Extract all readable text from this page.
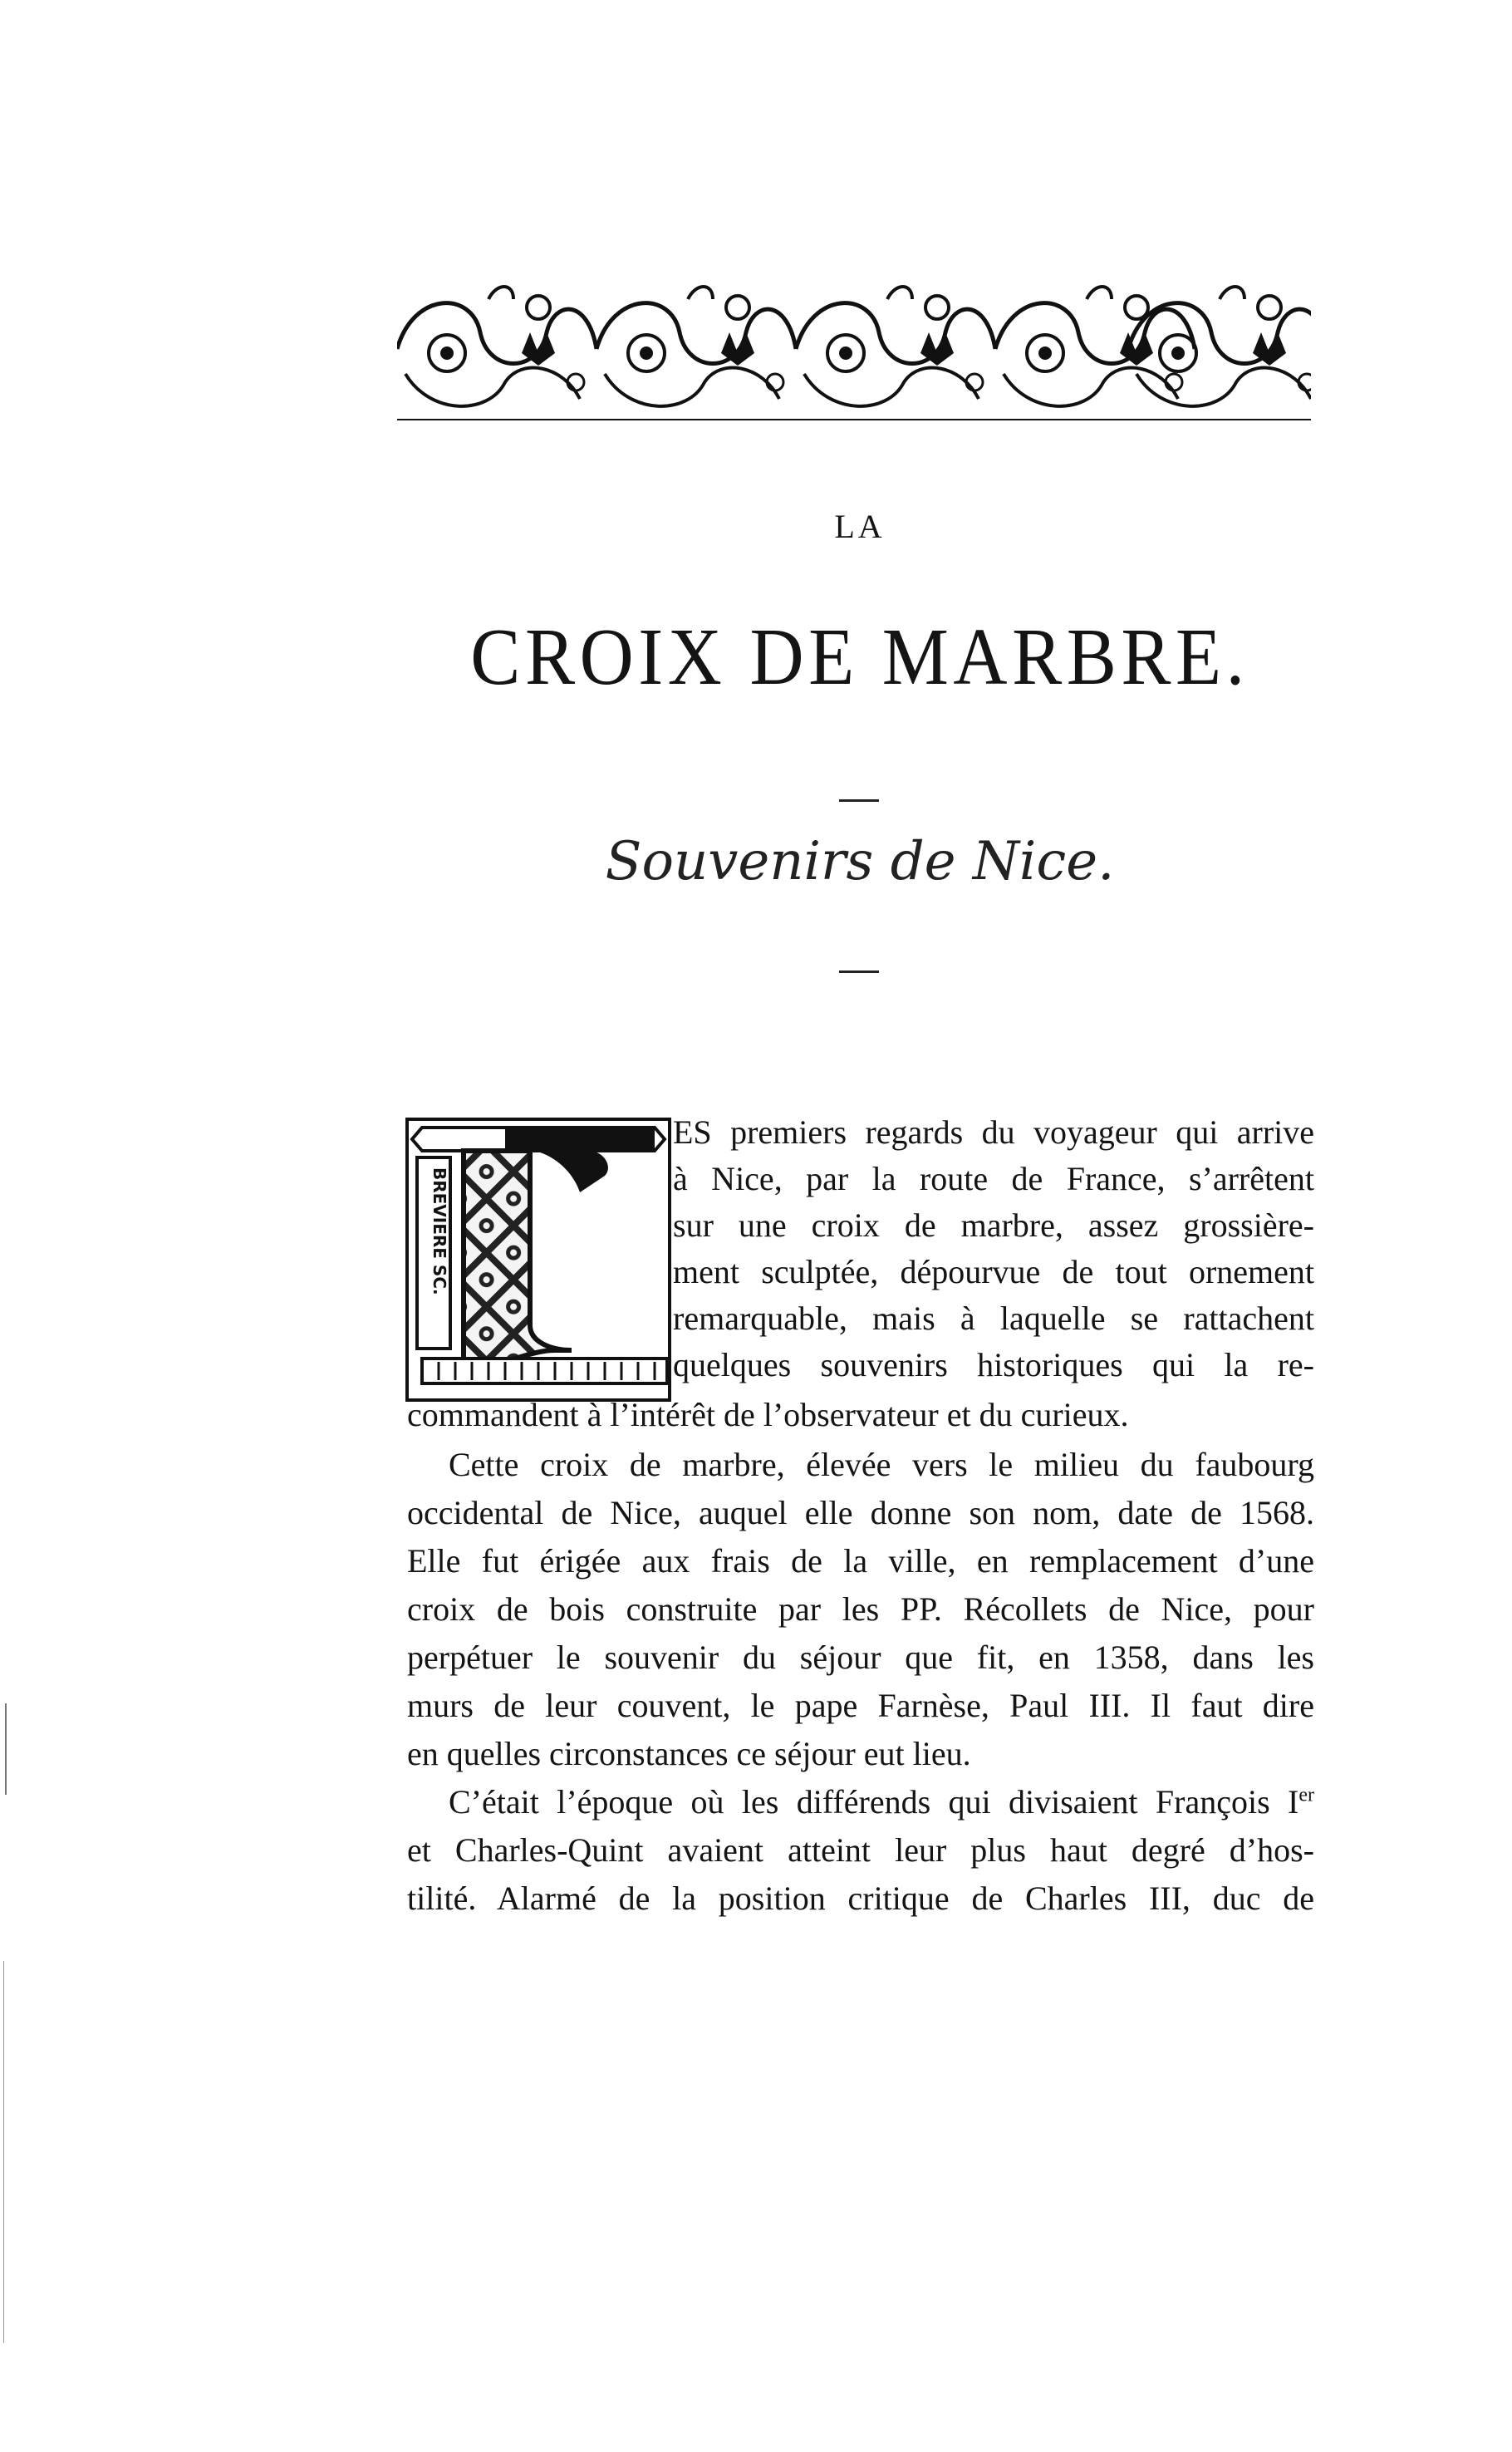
LA
CROIX DE MARBRE.
Souvenirs de Nice.
BREVIERE SC.
ES premiers regards du voyageur qui arrive
à Nice, par la route de France, s’arrêtent
sur une croix de marbre, assez grossière-
ment sculptée, dépourvue de tout ornement
remarquable, mais à laquelle se rattachent
quelques souvenirs historiques qui la re-
commandent à l’intérêt de l’observateur et du curieux.
Cette croix de marbre, élevée vers le milieu du faubourg
occidental de Nice, auquel elle donne son nom, date de 1568.
Elle fut érigée aux frais de la ville, en remplacement d’une
croix de bois construite par les PP. Récollets de Nice, pour
perpétuer le souvenir du séjour que fit, en 1358, dans les
murs de leur couvent, le pape Farnèse, Paul III. Il faut dire
en quelles circonstances ce séjour eut lieu.
C’était l’époque où les différends qui divisaient François Ier
et Charles-Quint avaient atteint leur plus haut degré d’hos-
tilité. Alarmé de la position critique de Charles III, duc de
